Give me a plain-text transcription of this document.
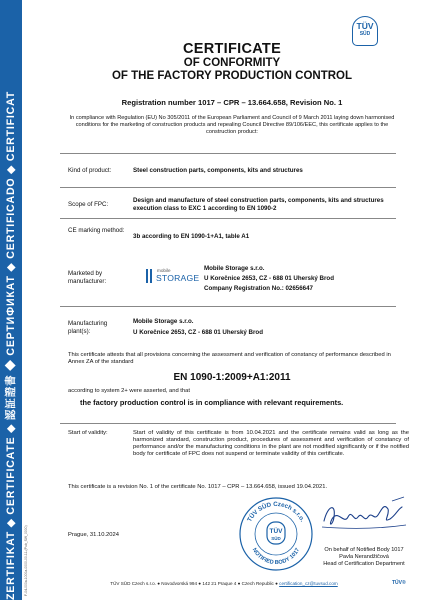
ZERTIFIKAT ◆ CERTIFICATE ◆ 認証證書 ◆ СЕРТИФИКАТ ◆ CERTIFICADO ◆ CERTIFICAT	F-04-000a-1000a-0000-00-11-(Pub_SW_0000)
TÜV
SÜD
CERTIFICATE
OF CONFORMITY
OF THE FACTORY PRODUCTION CONTROL
Registration number 1017 – CPR – 13.664.658, Revision No. 1
In compliance with Regulation (EU) No 305/2011 of the European Parliament and Council of 9 March 2011 laying down harmonised conditions for the marketing of construction products and repealing Council Directive 89/106/EEC, this certificate applies to the construction product:
Kind of product:	Steel construction parts, components, kits and structures
Scope of FPC:
Design and manufacture of steel construction parts, components, kits and structures execution class to EXC 1 according to EN 1090-2
CE marking method:
3b according to EN 1090-1+A1, table A1
Marketed by manufacturer:
mobile
STORAGE
Mobile Storage s.r.o.
U Korečnice 2653, CZ - 688 01 Uherský Brod
Company Registration No.: 02656647
Manufacturing plant(s):
Mobile Storage s.r.o.
U Korečnice 2653, CZ - 688 01 Uherský Brod
This certificate attests that all provisions concerning the assessment and verification of constancy of performance described in Annex ZA of the standard
EN 1090-1:2009+A1:2011
according to system 2+ were asserted, and that
the factory production control is in compliance with relevant requirements.
Start of validity:	Start of validity of this certificate is from 10.04.2021 and the certificate remains valid as long as the harmonized standard, construction product, procedures of assessment and verification of constancy of performance and/or the manufacturing conditions in the plant are not modified significantly or if the notified body for certificate of FPC does not suspend or terminate validity of this certificate.
This certificate is a revision No. 1 of the certificate No. 1017 – CPR – 13.664.658, issued 19.04.2021.
Prague, 31.10.2024
TÜV SÜD Czech s.r.o.
NOTIFIED BODY 1017
TÜV
SÜD
On behalf of Notified Body 1017
Pavla Nerandžičová
Head of Certification Department
TÜV SÜD Czech s.r.o. ● Novodvorská 994 ● 142 21 Praque 4 ● Czech Republic ● certification_cz@tuvsud.com	TÜV®
